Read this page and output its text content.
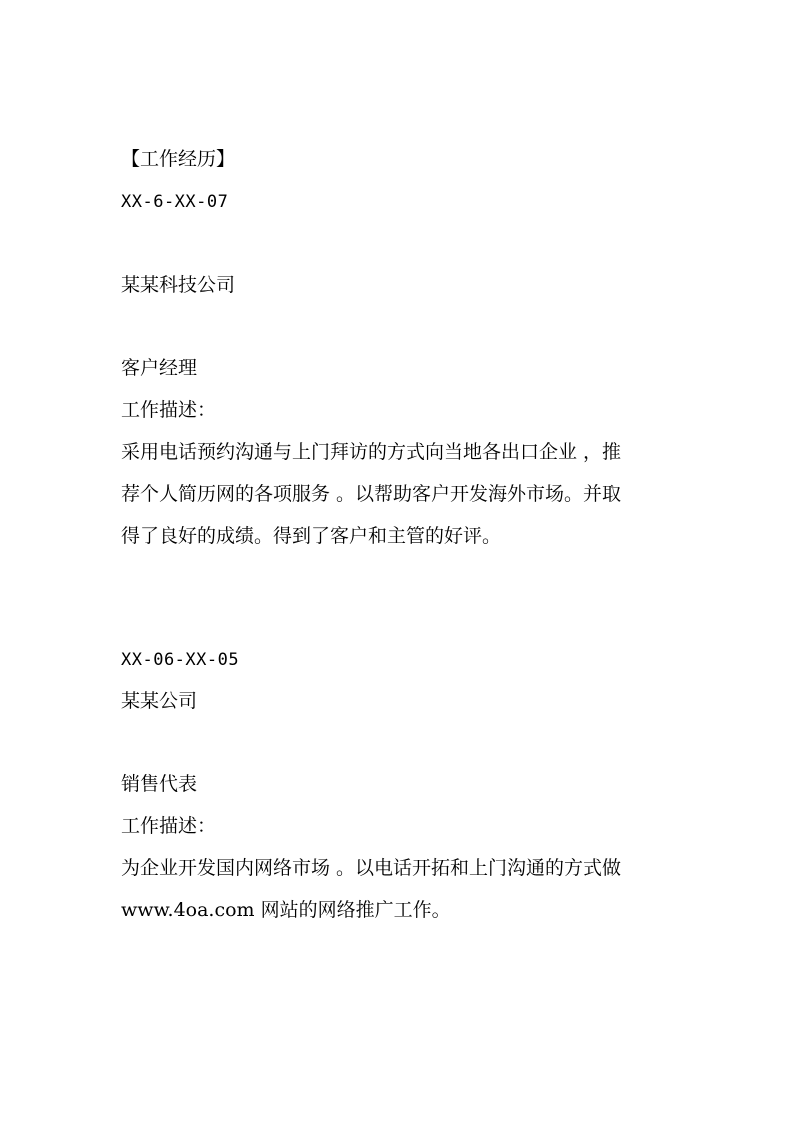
【工作经历】
XX-6-XX-07
某某科技公司
客户经理
工作描述：
采用电话预约沟通与上门拜访的方式向当地各出口企业 ，推
荐个人简历网的各项服务 。以帮助客户开发海外市场。并取
得了良好的成绩。得到了客户和主管的好评。
XX-06-XX-05
某某公司
销售代表
工作描述：
为企业开发国内网络市场 。以电话开拓和上门沟通的方式做
www.4oa.com 网站的网络推广工作。
